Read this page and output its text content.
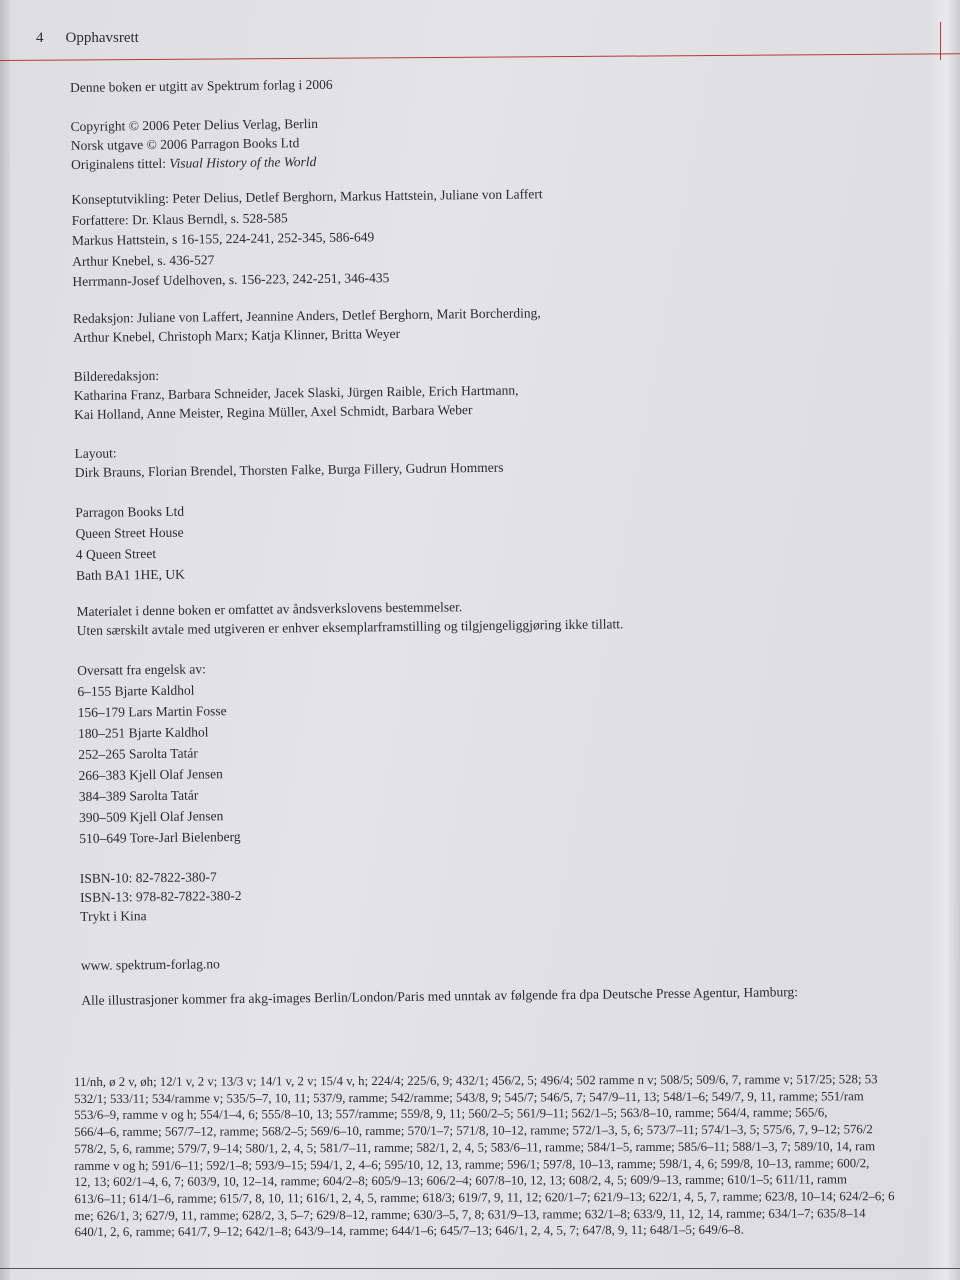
4 Opphavsrett

Denne boken er utgitt av Spektrum forlag i 2006

Copyright © 2006 Peter Delius Verlag, Berlin

Norsk utgave © 2006 Parragon Books Ltd

Originalens tittel: Visual History of the World

Konseptutvikling: Peter Delius, Detlef Berghorn, Markus Hattstein, Juliane von Laffert

Forfattere: Dr. Klaus Berndl, s. 528-585

Markus Hattstein, s 16-155, 224-241, 252-345, 586-649

Arthur Knebel, s. 436-527

Herrmann-Josef Udelhoven, s. 156-223, 242-251, 346-435

Redaksjon: Juliane von Laffert, Jeannine Anders, Detlef Berghorn, Marit Borcherding,

Arthur Knebel, Christoph Marx; Katja Klinner, Britta Weyer

Bilderedaksjon:

Katharina Franz, Barbara Schneider, Jacek Slaski, Jürgen Raible, Erich Hartmann,

Kai Holland, Anne Meister, Regina Müller, Axel Schmidt, Barbara Weber

Layout:

Dirk Brauns, Florian Brendel, Thorsten Falke, Burga Fillery, Gudrun Hommers

Parragon Books Ltd

Queen Street House

4 Queen Street

Bath BA1 1HE, UK

Materialet i denne boken er omfattet av åndsverkslovens bestemmelser.

Uten særskilt avtale med utgiveren er enhver eksemplarframstilling og tilgjengeliggjøring ikke tillatt.

Oversatt fra engelsk av:

6–155 Bjarte Kaldhol

156–179 Lars Martin Fosse

180–251 Bjarte Kaldhol

252–265 Sarolta Tatár

266–383 Kjell Olaf Jensen

384–389 Sarolta Tatár

390–509 Kjell Olaf Jensen

510–649 Tore-Jarl Bielenberg

ISBN-10: 82-7822-380-7

ISBN-13: 978-82-7822-380-2

Trykt i Kina

www. spektrum-forlag.no

Alle illustrasjoner kommer fra akg-images Berlin/London/Paris med unntak av følgende fra dpa Deutsche Presse Agentur, Hamburg:

11/nh, ø 2 v, øh; 12/1 v, 2 v; 13/3 v; 14/1 v, 2 v; 15/4 v, h; 224/4; 225/6, 9; 432/1; 456/2, 5; 496/4; 502 ramme n v; 508/5; 509/6, 7, ramme v; 517/25; 528; 53

532/1; 533/11; 534/ramme v; 535/5–7, 10, 11; 537/9, ramme; 542/ramme; 543/8, 9; 545/7; 546/5, 7; 547/9–11, 13; 548/1–6; 549/7, 9, 11, ramme; 551/ram

553/6–9, ramme v og h; 554/1–4, 6; 555/8–10, 13; 557/ramme; 559/8, 9, 11; 560/2–5; 561/9–11; 562/1–5; 563/8–10, ramme; 564/4, ramme; 565/6,

566/4–6, ramme; 567/7–12, ramme; 568/2–5; 569/6–10, ramme; 570/1–7; 571/8, 10–12, ramme; 572/1–3, 5, 6; 573/7–11; 574/1–3, 5; 575/6, 7, 9–12; 576/2

578/2, 5, 6, ramme; 579/7, 9–14; 580/1, 2, 4, 5; 581/7–11, ramme; 582/1, 2, 4, 5; 583/6–11, ramme; 584/1–5, ramme; 585/6–11; 588/1–3, 7; 589/10, 14, ram

ramme v og h; 591/6–11; 592/1–8; 593/9–15; 594/1, 2, 4–6; 595/10, 12, 13, ramme; 596/1; 597/8, 10–13, ramme; 598/1, 4, 6; 599/8, 10–13, ramme; 600/2,

12, 13; 602/1–4, 6, 7; 603/9, 10, 12–14, ramme; 604/2–8; 605/9–13; 606/2–4; 607/8–10, 12, 13; 608/2, 4, 5; 609/9–13, ramme; 610/1–5; 611/11, ramm

613/6–11; 614/1–6, ramme; 615/7, 8, 10, 11; 616/1, 2, 4, 5, ramme; 618/3; 619/7, 9, 11, 12; 620/1–7; 621/9–13; 622/1, 4, 5, 7, ramme; 623/8, 10–14; 624/2–6; 6

me; 626/1, 3; 627/9, 11, ramme; 628/2, 3, 5–7; 629/8–12, ramme; 630/3–5, 7, 8; 631/9–13, ramme; 632/1–8; 633/9, 11, 12, 14, ramme; 634/1–7; 635/8–14

640/1, 2, 6, ramme; 641/7, 9–12; 642/1–8; 643/9–14, ramme; 644/1–6; 645/7–13; 646/1, 2, 4, 5, 7; 647/8, 9, 11; 648/1–5; 649/6–8.
